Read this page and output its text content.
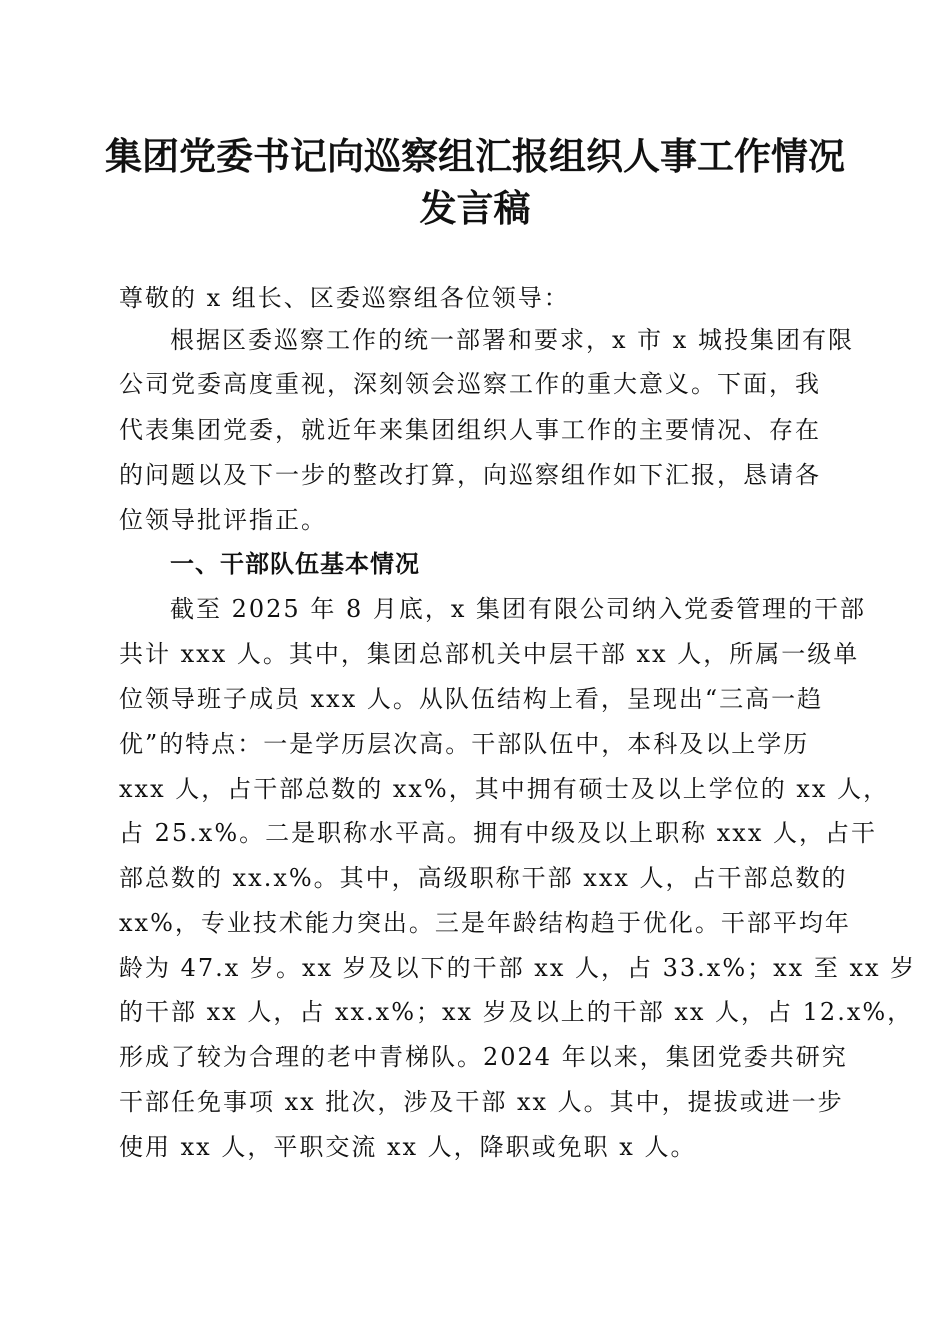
集团党委书记向巡察组汇报组织人事工作情况
发言稿
尊敬的 x 组长、区委巡察组各位领导：
根据区委巡察工作的统一部署和要求，x 市 x 城投集团有限
公司党委高度重视，深刻领会巡察工作的重大意义。下面，我
代表集团党委，就近年来集团组织人事工作的主要情况、存在
的问题以及下一步的整改打算，向巡察组作如下汇报，恳请各
位领导批评指正。
一、干部队伍基本情况
截至 2025 年 8 月底，x 集团有限公司纳入党委管理的干部
共计 xxx 人。其中，集团总部机关中层干部 xx 人，所属一级单
位领导班子成员 xxx 人。从队伍结构上看，呈现出“三高一趋
优”的特点：一是学历层次高。干部队伍中，本科及以上学历
xxx 人，占干部总数的 xx%，其中拥有硕士及以上学位的 xx 人，
占 25.x%。二是职称水平高。拥有中级及以上职称 xxx 人，占干
部总数的 xx.x%。其中，高级职称干部 xxx 人，占干部总数的
xx%，专业技术能力突出。三是年龄结构趋于优化。干部平均年
龄为 47.x 岁。xx 岁及以下的干部 xx 人，占 33.x%；xx 至 xx 岁
的干部 xx 人，占 xx.x%；xx 岁及以上的干部 xx 人，占 12.x%，
形成了较为合理的老中青梯队。2024 年以来，集团党委共研究
干部任免事项 xx 批次，涉及干部 xx 人。其中，提拔或进一步
使用 xx 人，平职交流 xx 人，降职或免职 x 人。
